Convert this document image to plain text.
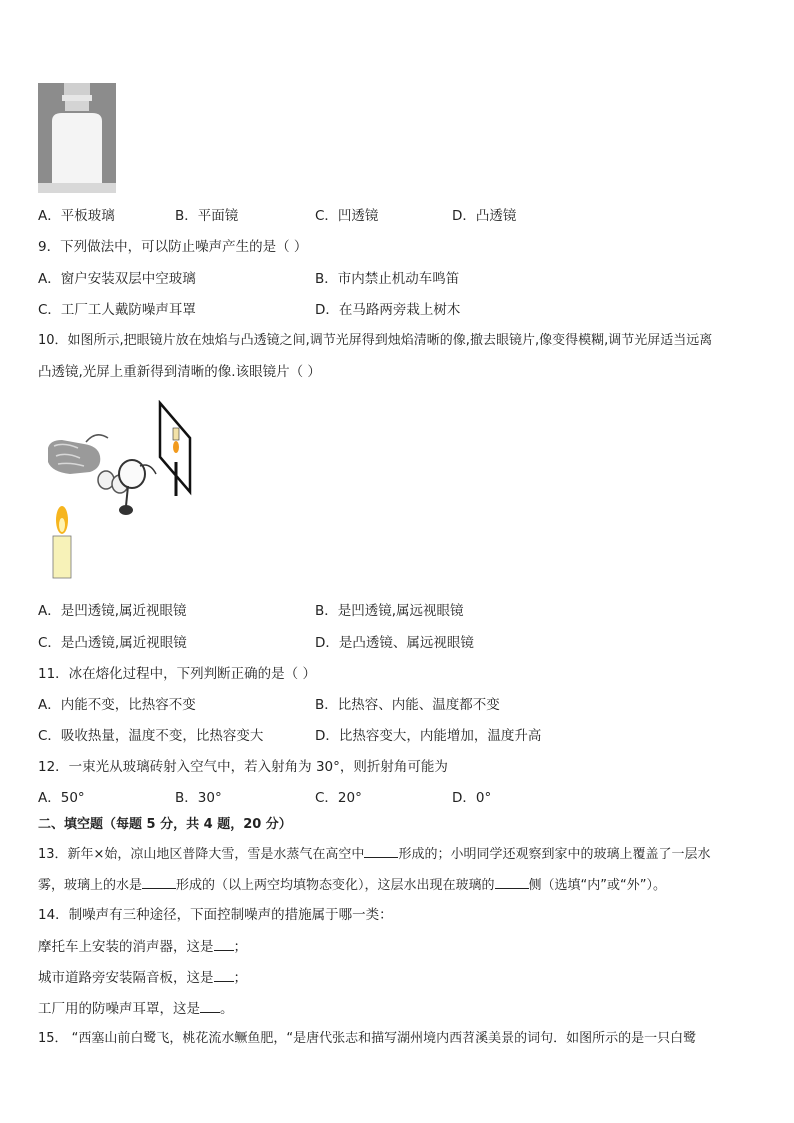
A．平板玻璃	B．平面镜	C．凹透镜	D．凸透镜
9．下列做法中，可以防止噪声产生的是（ ）
A．窗户安装双层中空玻璃	B．市内禁止机动车鸣笛
C．工厂工人戴防噪声耳罩	D．在马路两旁栽上树木
10．如图所示,把眼镜片放在烛焰与凸透镜之间,调节光屏得到烛焰清晰的像,撤去眼镜片,像变得模糊,调节光屏适当远离
凸透镜,光屏上重新得到清晰的像.该眼镜片（ ）
A．是凹透镜,属近视眼镜	B．是凹透镜,属远视眼镜
C．是凸透镜,属近视眼镜	D．是凸透镜、属远视眼镜
11．冰在熔化过程中，下列判断正确的是（ ）
A．内能不变，比热容不变	B．比热容、内能、温度都不变
C．吸收热量，温度不变，比热容变大	D．比热容变大，内能增加，温度升高
12．一束光从玻璃砖射入空气中，若入射角为 30°，则折射角可能为
A．50°	B．30°	C．20°	D．0°
二、填空题（每题 5 分，共 4 题，20 分）
13．新年×始，凉山地区普降大雪，雪是水蒸气在高空中	形成的；小明同学还观察到家中的玻璃上覆盖了一层水
雾，玻璃上的水是	形成的（以上两空均填物态变化），这层水出现在玻璃的	侧（选填“内”或“外”）。
14．制噪声有三种途径，下面控制噪声的措施属于哪一类：
摩托车上安装的消声器，这是 ；
城市道路旁安装隔音板，这是 ；
工厂用的防噪声耳罩，这是 。
15． “西塞山前白鹭飞，桃花流水鳜鱼肥，“是唐代张志和描写湖州境内西苕溪美景的词句．如图所示的是一只白鹭
